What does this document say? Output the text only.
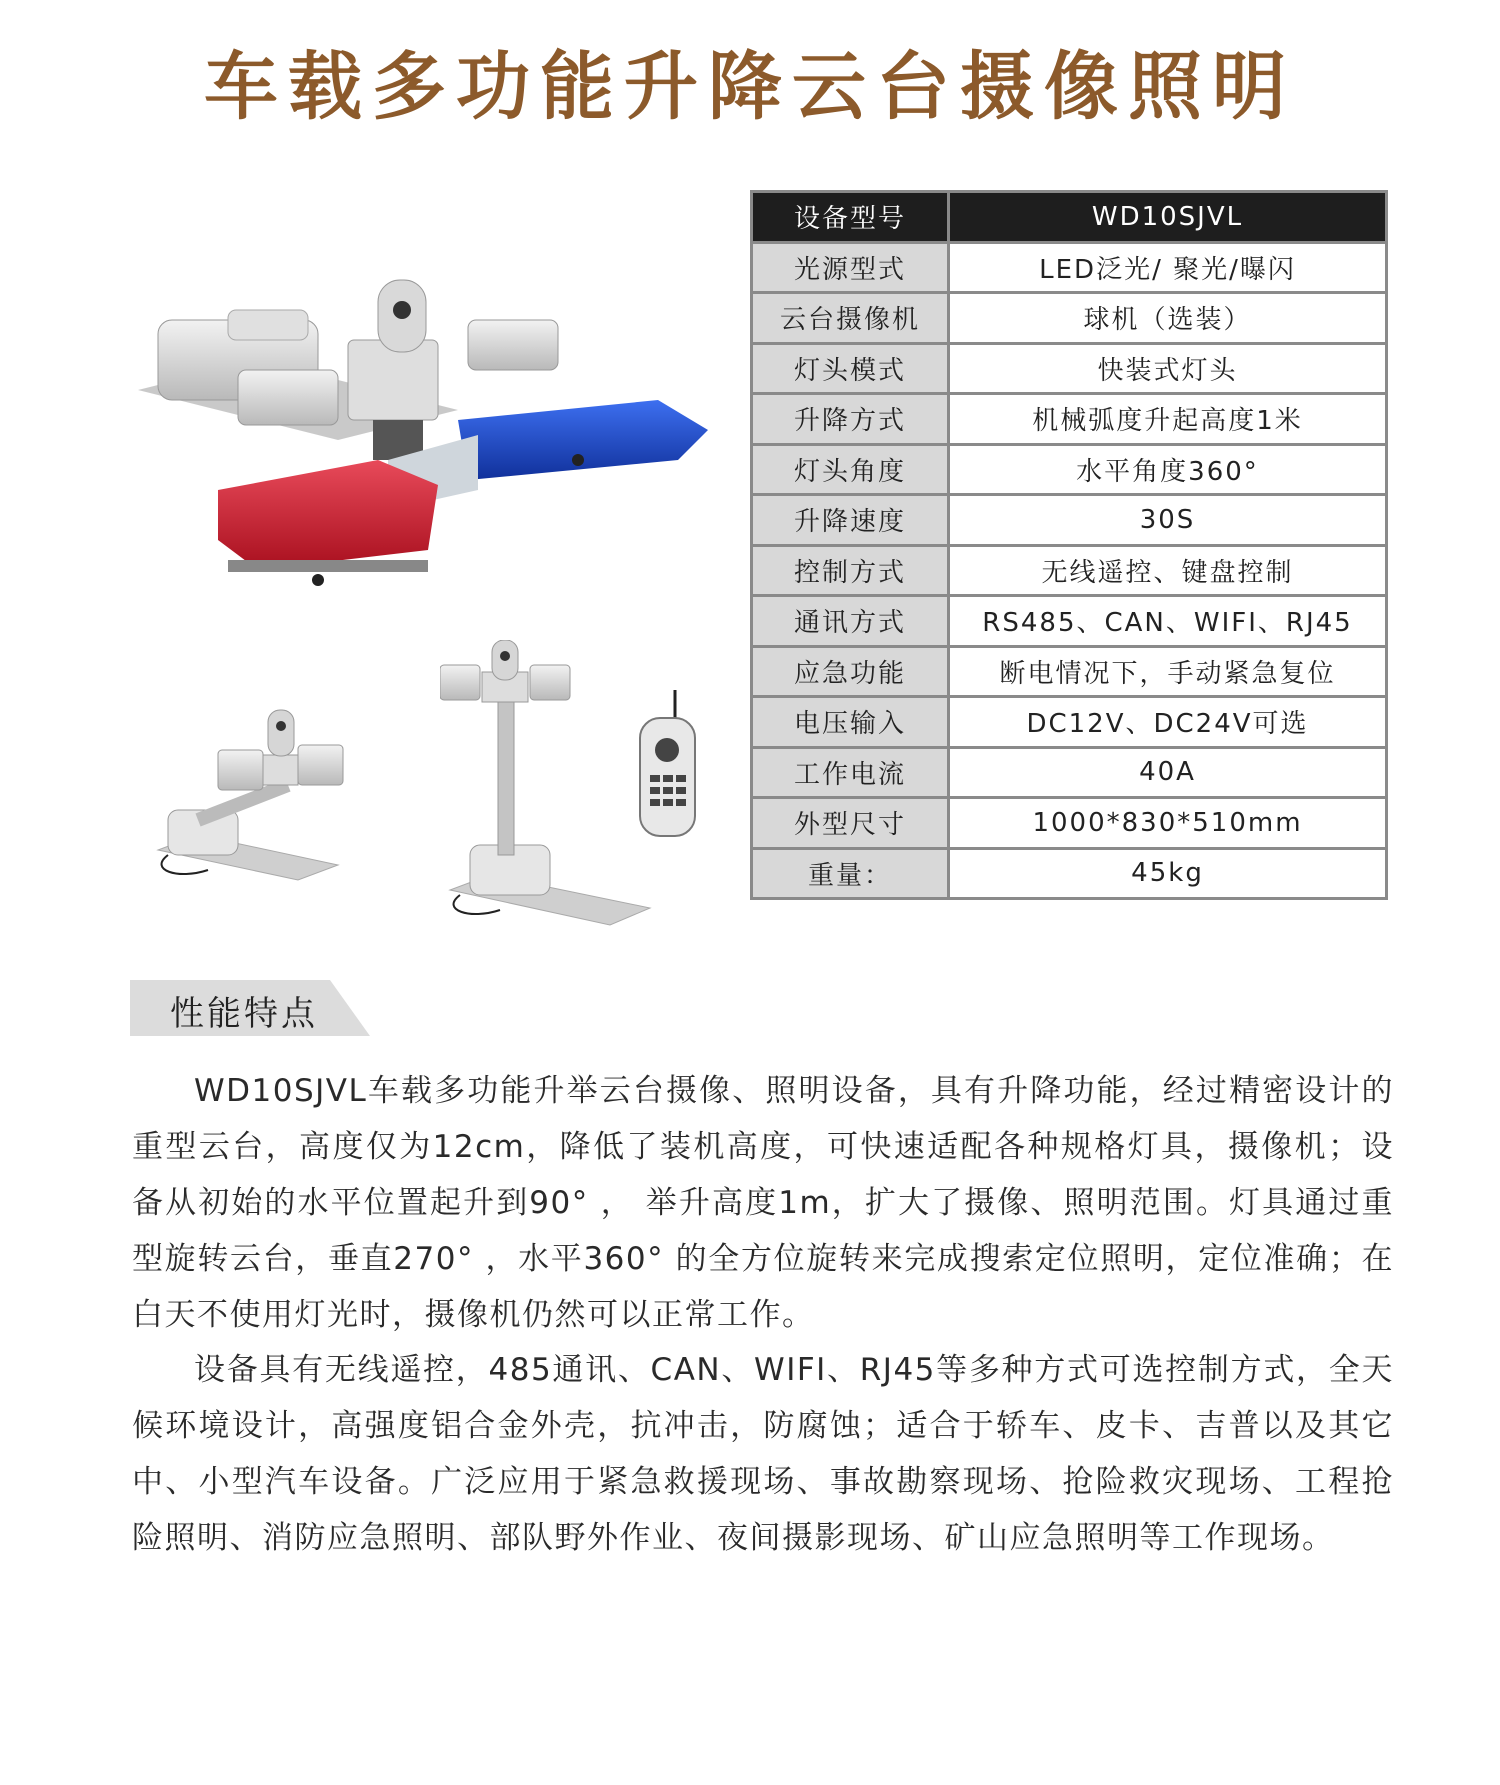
车载多功能升降云台摄像照明
设备型号	WD10SJVL
光源型式	LED泛光/ 聚光/曝闪
云台摄像机	球机（选装）
灯头模式	快装式灯头
升降方式	机械弧度升起高度1米
灯头角度	水平角度360°
升降速度	30S
控制方式	无线遥控、键盘控制
通讯方式	RS485、CAN、WIFI、RJ45
应急功能	断电情况下，手动紧急复位
电压输入	DC12V、DC24V可选
工作电流	40A
外型尺寸	1000*830*510mm
重量：	45kg
性能特点

WD10SJVL车载多功能升举云台摄像、照明设备，具有升降功能，经过精密设计的重型云台，高度仅为12cm，降低了装机高度，可快速适配各种规格灯具，摄像机；设备从初始的水平位置起升到90° ， 举升高度1m，扩大了摄像、照明范围。灯具通过重型旋转云台，垂直270° ，水平360° 的全方位旋转来完成搜索定位照明，定位准确；在白天不使用灯光时，摄像机仍然可以正常工作。

设备具有无线遥控，485通讯、CAN、WIFI、RJ45等多种方式可选控制方式，全天候环境设计，高强度铝合金外壳，抗冲击，防腐蚀；适合于轿车、皮卡、吉普以及其它中、小型汽车设备。广泛应用于紧急救援现场、事故勘察现场、抢险救灾现场、工程抢险照明、消防应急照明、部队野外作业、夜间摄影现场、矿山应急照明等工作现场。
